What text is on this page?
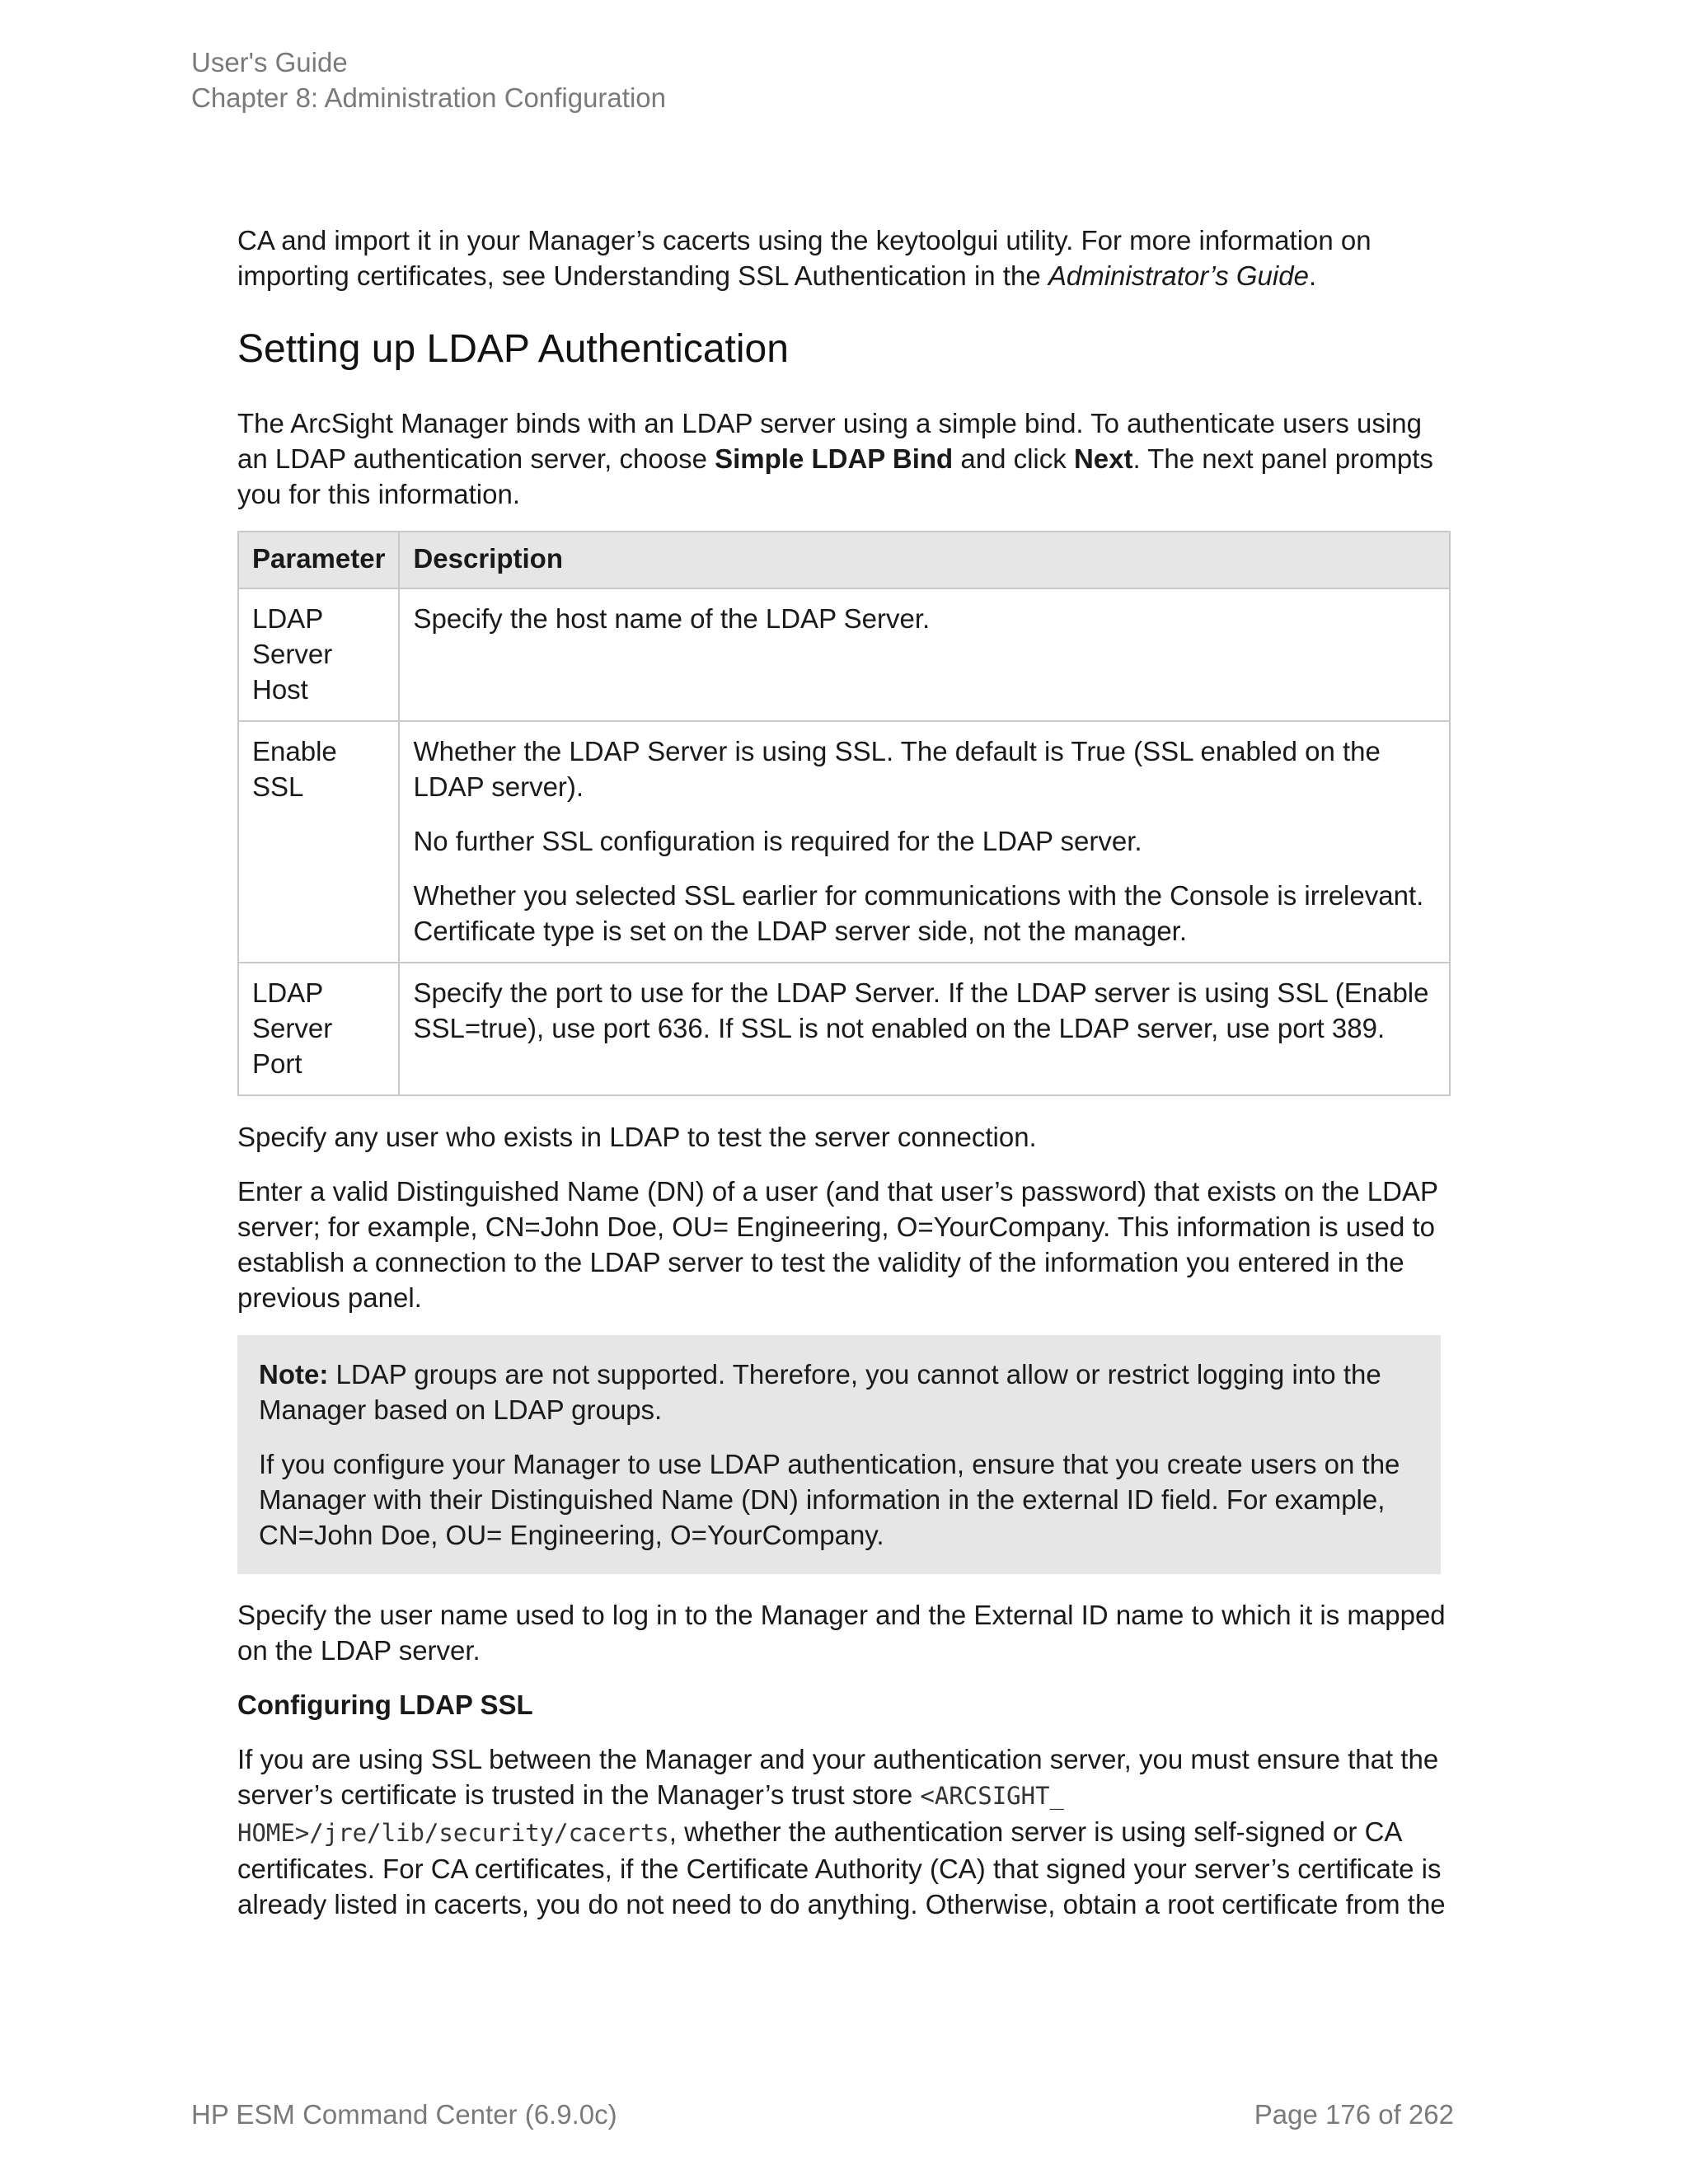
User's Guide
Chapter 8: Administration Configuration

CA and import it in your Manager’s cacerts using the keytoolgui utility. For more information on importing certificates, see Understanding SSL Authentication in the Administrator’s Guide.

Setting up LDAP Authentication

The ArcSight Manager binds with an LDAP server using a simple bind. To authenticate users using an LDAP authentication server, choose Simple LDAP Bind and click Next. The next panel prompts you for this information.

Parameter	Description
LDAP Server Host	Specify the host name of the LDAP Server.

Enable SSL	Whether the LDAP Server is using SSL. The default is True (SSL enabled on the LDAP server).

No further SSL configuration is required for the LDAP server.

Whether you selected SSL earlier for communications with the Console is irrelevant. Certificate type is set on the LDAP server side, not the manager.

LDAP Server Port	Specify the port to use for the LDAP Server. If the LDAP server is using SSL (Enable SSL=true), use port 636. If SSL is not enabled on the LDAP server, use port 389.

Specify any user who exists in LDAP to test the server connection.

Enter a valid Distinguished Name (DN) of a user (and that user’s password) that exists on the LDAP server; for example, CN=John Doe, OU= Engineering, O=YourCompany. This information is used to establish a connection to the LDAP server to test the validity of the information you entered in the previous panel.

Note: LDAP groups are not supported. Therefore, you cannot allow or restrict logging into the Manager based on LDAP groups.

If you configure your Manager to use LDAP authentication, ensure that you create users on the Manager with their Distinguished Name (DN) information in the external ID field. For example, CN=John Doe, OU= Engineering, O=YourCompany.

Specify the user name used to log in to the Manager and the External ID name to which it is mapped on the LDAP server.

Configuring LDAP SSL

If you are using SSL between the Manager and your authentication server, you must ensure that the server’s certificate is trusted in the Manager’s trust store <ARCSIGHT_
HOME>/jre/lib/security/cacerts, whether the authentication server is using self-signed or CA certificates. For CA certificates, if the Certificate Authority (CA) that signed your server’s certificate is already listed in cacerts, you do not need to do anything. Otherwise, obtain a root certificate from the

HP ESM Command Center (6.9.0c)	Page 176 of 262
